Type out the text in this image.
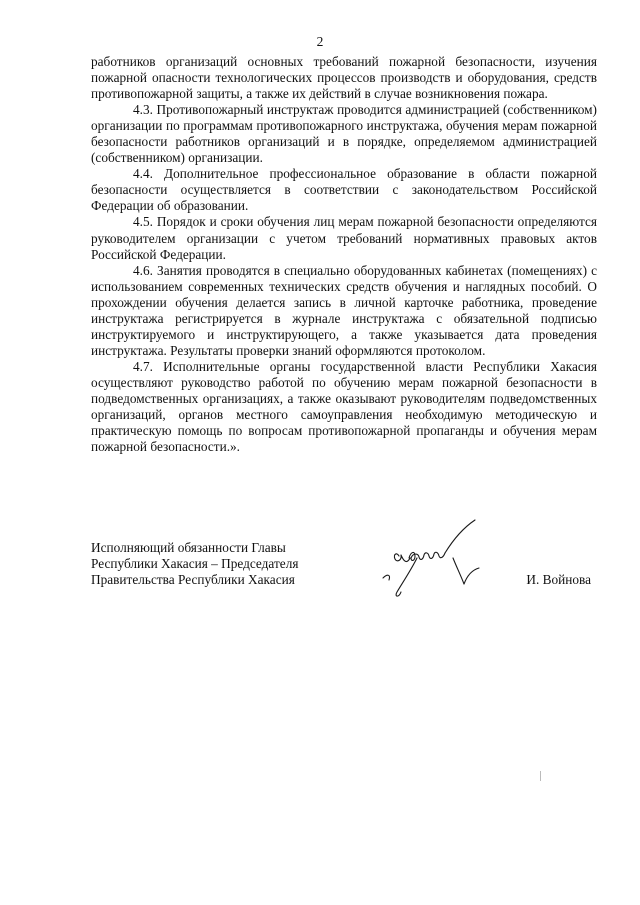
2

работников организаций основных требований пожарной безопасности, изучения пожарной опасности технологических процессов производств и оборудования, средств противопожарной защиты, а также их действий в случае возникновения пожара.

4.3. Противопожарный инструктаж проводится администрацией (собственником) организации по программам противопожарного инструктажа, обучения мерам пожарной безопасности работников организаций и в порядке, определяемом администрацией (собственником) организации.

4.4. Дополнительное профессиональное образование в области пожарной безопасности осуществляется в соответствии с законодательством Российской Федерации об образовании.

4.5. Порядок и сроки обучения лиц мерам пожарной безопасности определяются руководителем организации с учетом требований нормативных правовых актов Российской Федерации.

4.6. Занятия проводятся в специально оборудованных кабинетах (помещениях) с использованием современных технических средств обучения и наглядных пособий. О прохождении обучения делается запись в личной карточке работника, проведение инструктажа регистрируется в журнале инструктажа с обязательной подписью инструктируемого и инструктирующего, а также указывается дата проведения инструктажа. Результаты проверки знаний оформляются протоколом.

4.7. Исполнительные органы государственной власти Республики Хакасия осуществляют руководство работой по обучению мерам пожарной безопасности в подведомственных организациях, а также оказывают руководителям подведомственных организаций, органов местного самоуправления необходимую методическую и практическую помощь по вопросам противопожарной пропаганды и обучения мерам пожарной безопасности.».

Исполняющий обязанности Главы
Республики Хакасия – Председателя
Правительства Республики Хакасия	И. Войнова
